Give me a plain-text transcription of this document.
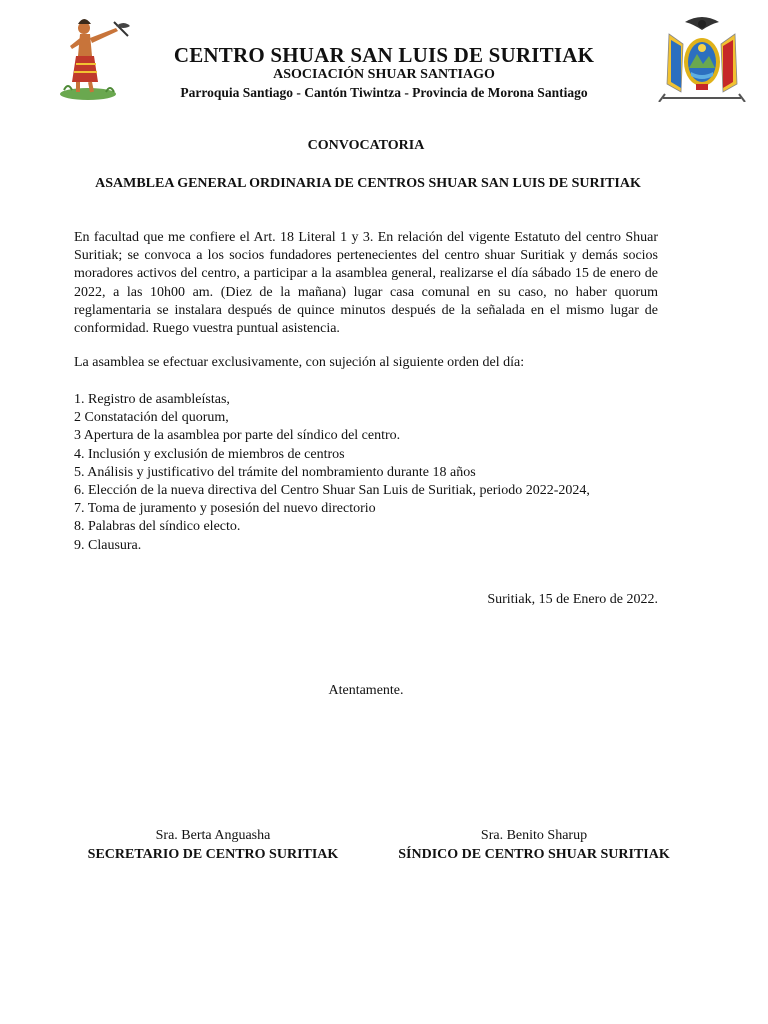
CENTRO SHUAR SAN LUIS DE SURITIAK
ASOCIACIÓN SHUAR SANTIAGO
Parroquia Santiago - Cantón Tiwintza - Provincia de Morona Santiago
CONVOCATORIA
ASAMBLEA GENERAL ORDINARIA DE CENTROS SHUAR SAN LUIS DE SURITIAK
En facultad que me confiere el Art. 18 Literal 1 y 3. En relación del vigente Estatuto del centro Shuar Suritiak; se convoca a los socios fundadores pertenecientes del centro shuar Suritiak y demás socios moradores activos del centro, a participar a la asamblea general, realizarse el día sábado 15 de enero de 2022, a las 10h00 am. (Diez de la mañana) lugar casa comunal en su caso, no haber quorum reglamentaria se instalara después de quince minutos después de la señalada en el mismo lugar de conformidad. Ruego vuestra puntual asistencia.
La asamblea se efectuar exclusivamente, con sujeción al siguiente orden del día:
1. Registro de asambleístas,
2 Constatación del quorum,
3 Apertura de la asamblea por parte del síndico del centro.
4. Inclusión y exclusión de miembros de centros
5. Análisis y justificativo del trámite del nombramiento durante 18 años
6. Elección de la nueva directiva del Centro Shuar San Luis de Suritiak, periodo 2022-2024,
7. Toma de juramento y posesión del nuevo directorio
8. Palabras del síndico electo.
9. Clausura.
Suritiak, 15 de Enero de 2022.
Atentamente.
Sra. Berta Anguasha
SECRETARIO DE CENTRO SURITIAK
Sra. Benito Sharup
SÍNDICO DE CENTRO SHUAR SURITIAK
